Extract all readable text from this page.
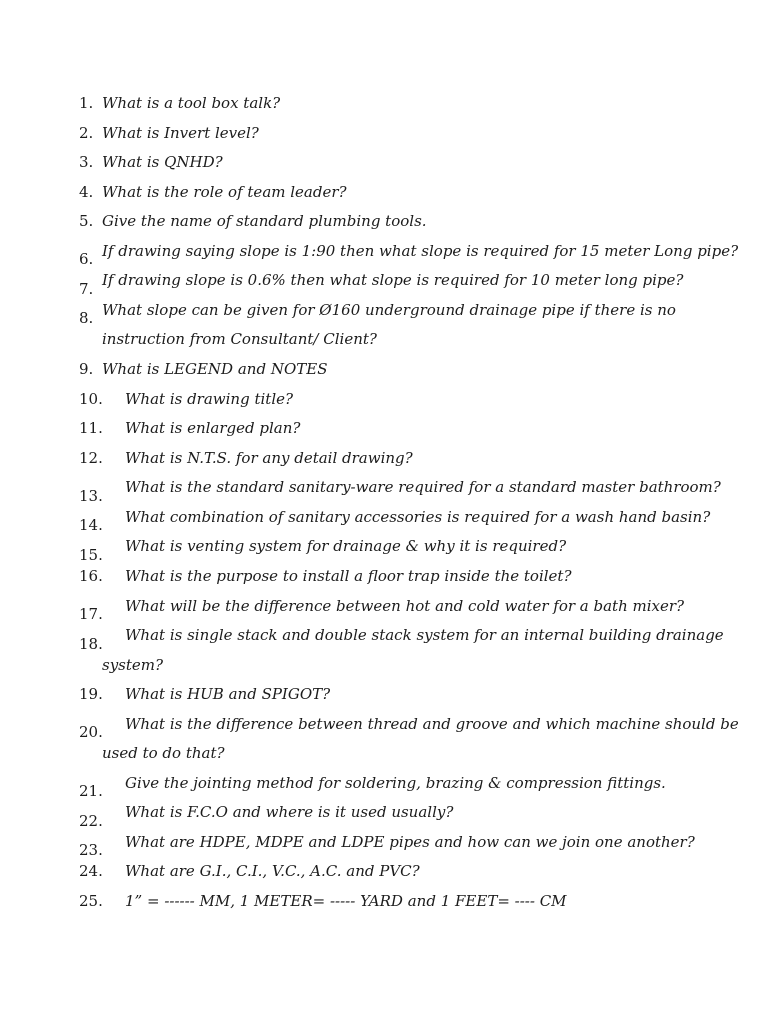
1. What is a tool box talk?
2. What is Invert level?
3. What is QNHD?
4. What is the role of team leader?
5. Give the name of standard plumbing tools.
6. If drawing saying slope is 1:90 then what slope is required for 15 meter Long pipe?
7. If drawing slope is 0.6% then what slope is required for 10 meter long pipe?
8. What slope can be given for Ø160 underground drainage pipe if there is no
instruction from Consultant/ Client?
9. What is LEGEND and NOTES
10. What is drawing title?
11. What is enlarged plan?
12. What is N.T.S. for any detail drawing?
13. What is the standard sanitary-ware required for a standard master bathroom?
14. What combination of sanitary accessories is required for a wash hand basin?
15. What is venting system for drainage & why it is required?
16. What is the purpose to install a floor trap inside the toilet?
17. What will be the difference between hot and cold water for a bath mixer?
18. What is single stack and double stack system for an internal building drainage
system?
19. What is HUB and SPIGOT?
20. What is the difference between thread and groove and which machine should be
used to do that?
21. Give the jointing method for soldering, brazing & compression fittings.
22. What is F.C.O and where is it used usually?
23. What are HDPE, MDPE and LDPE pipes and how can we join one another?
24. What are G.I., C.I., V.C., A.C. and PVC?
25. 1” = ------ MM, 1 METER= ----- YARD and 1 FEET= ---- CM
